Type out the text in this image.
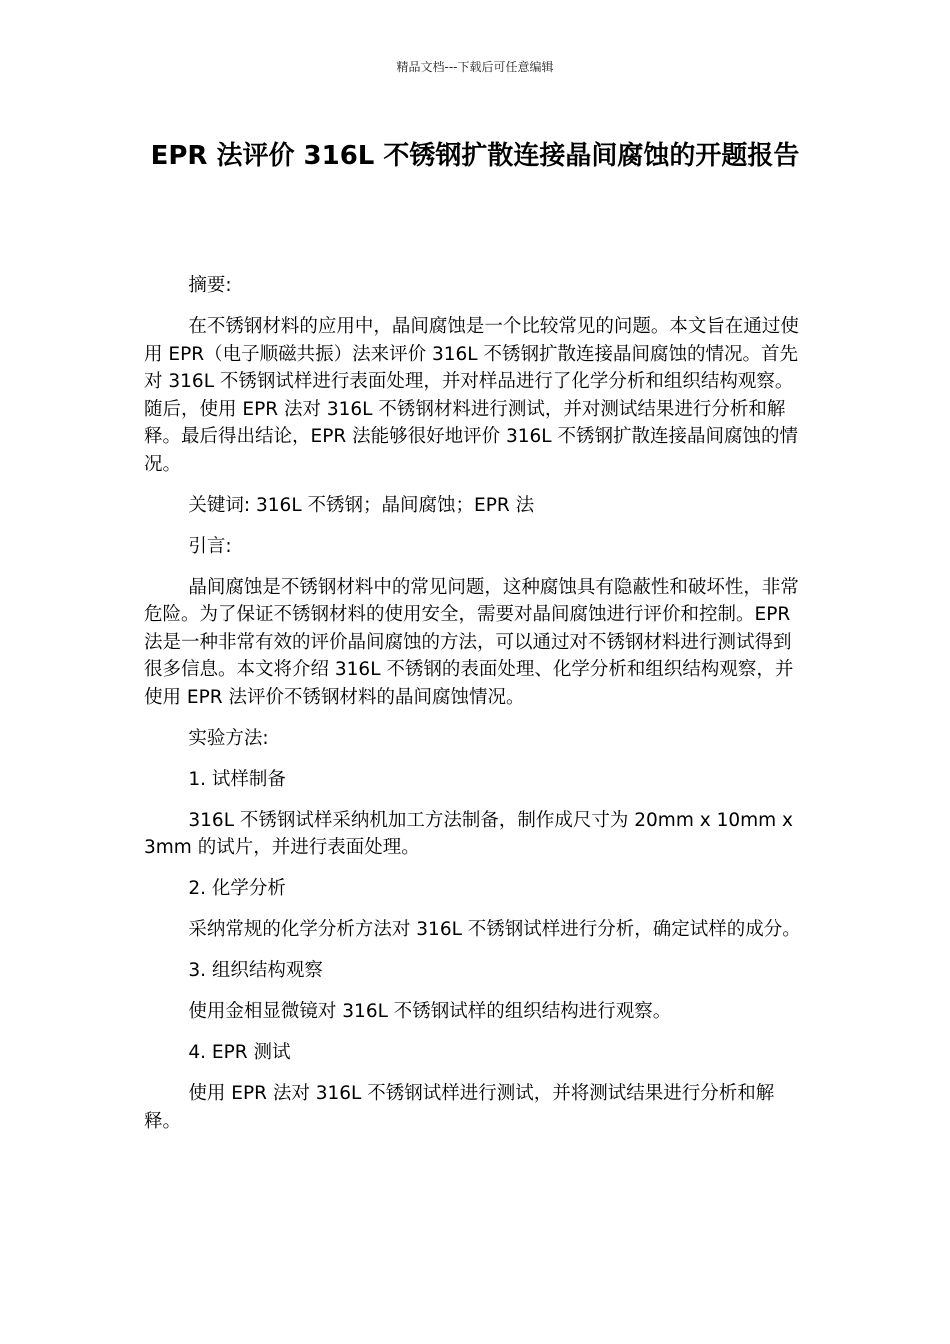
精品文档---下载后可任意编辑
EPR 法评价 316L 不锈钢扩散连接晶间腐蚀的开题报告

摘要:

在不锈钢材料的应用中，晶间腐蚀是一个比较常见的问题。本文旨在通过使用 EPR（电子顺磁共振）法来评价 316L 不锈钢扩散连接晶间腐蚀的情况。首先对 316L 不锈钢试样进行表面处理，并对样品进行了化学分析和组织结构观察。随后，使用 EPR 法对 316L 不锈钢材料进行测试，并对测试结果进行分析和解释。最后得出结论，EPR 法能够很好地评价 316L 不锈钢扩散连接晶间腐蚀的情况。

关键词: 316L 不锈钢；晶间腐蚀；EPR 法

引言:

晶间腐蚀是不锈钢材料中的常见问题，这种腐蚀具有隐蔽性和破坏性，非常危险。为了保证不锈钢材料的使用安全，需要对晶间腐蚀进行评价和控制。EPR 法是一种非常有效的评价晶间腐蚀的方法，可以通过对不锈钢材料进行测试得到很多信息。本文将介绍 316L 不锈钢的表面处理、化学分析和组织结构观察，并使用 EPR 法评价不锈钢材料的晶间腐蚀情况。

实验方法:

1. 试样制备

316L 不锈钢试样采纳机加工方法制备，制作成尺寸为 20mm x 10mm x 3mm 的试片，并进行表面处理。

2. 化学分析

采纳常规的化学分析方法对 316L 不锈钢试样进行分析，确定试样的成分。

3. 组织结构观察

使用金相显微镜对 316L 不锈钢试样的组织结构进行观察。

4. EPR 测试

使用 EPR 法对 316L 不锈钢试样进行测试，并将测试结果进行分析和解释。
